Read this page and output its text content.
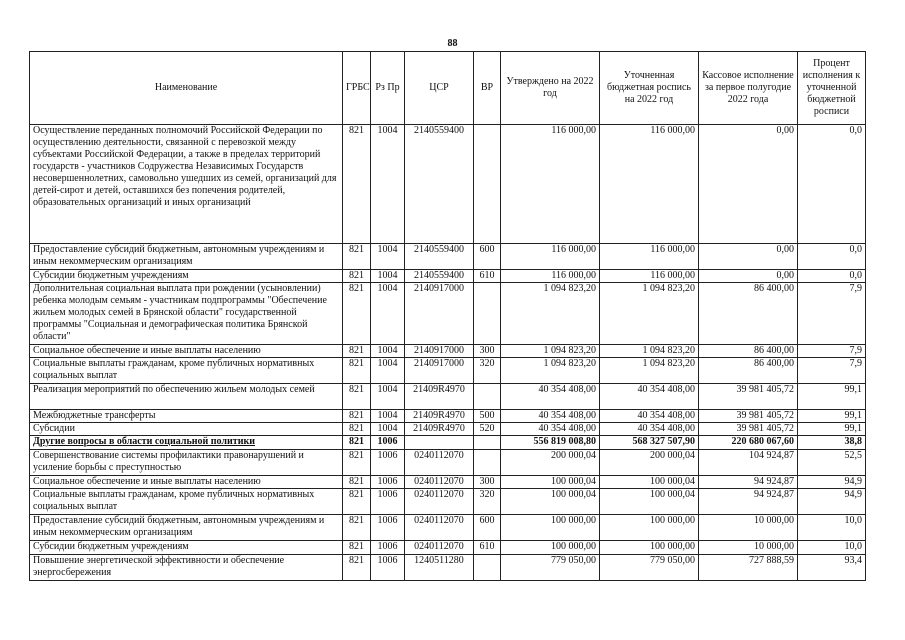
88
Наименование	ГРБС	Рз Пр	ЦСР	ВР	Утверждено на 2022 год	Уточненная бюджетная роспись на 2022 год	Кассовое исполнение за первое полугодие 2022 года	Процент исполнения к уточненной бюджетной росписи
Осуществление переданных полномочий Российской Федерации по осуществлению деятельности, связанной с перевозкой между субъектами Российской Федерации, а также в пределах территорий государств - участников Содружества Независимых Государств несовершеннолетних, самовольно ушедших из семей, организаций для детей-сирот и детей, оставшихся без попечения родителей, образовательных организаций и иных организаций	821	1004	2140559400		116 000,00	116 000,00	0,00	0,0
Предоставление субсидий бюджетным, автономным учреждениям и иным некоммерческим организациям	821	1004	2140559400	600	116 000,00	116 000,00	0,00	0,0
Субсидии бюджетным учреждениям	821	1004	2140559400	610	116 000,00	116 000,00	0,00	0,0
Дополнительная социальная выплата при рождении (усыновлении) ребенка молодым семьям - участникам подпрограммы "Обеспечение жильем молодых семей в Брянской области" государственной программы "Социальная и демографическая политика Брянской области"	821	1004	2140917000		1 094 823,20	1 094 823,20	86 400,00	7,9
Социальное обеспечение и иные выплаты населению	821	1004	2140917000	300	1 094 823,20	1 094 823,20	86 400,00	7,9
Социальные выплаты гражданам, кроме публичных нормативных социальных выплат	821	1004	2140917000	320	1 094 823,20	1 094 823,20	86 400,00	7,9
Реализация мероприятий по обеспечению жильем молодых семей	821	1004	21409R4970		40 354 408,00	40 354 408,00	39 981 405,72	99,1
Межбюджетные трансферты	821	1004	21409R4970	500	40 354 408,00	40 354 408,00	39 981 405,72	99,1
Субсидии	821	1004	21409R4970	520	40 354 408,00	40 354 408,00	39 981 405,72	99,1
Другие вопросы в области социальной политики	821	1006			556 819 008,80	568 327 507,90	220 680 067,60	38,8
Совершенствование системы профилактики правонарушений и усиление борьбы с преступностью	821	1006	0240112070		200 000,04	200 000,04	104 924,87	52,5
Социальное обеспечение и иные выплаты населению	821	1006	0240112070	300	100 000,04	100 000,04	94 924,87	94,9
Социальные выплаты гражданам, кроме публичных нормативных социальных выплат	821	1006	0240112070	320	100 000,04	100 000,04	94 924,87	94,9
Предоставление субсидий бюджетным, автономным учреждениям и иным некоммерческим организациям	821	1006	0240112070	600	100 000,00	100 000,00	10 000,00	10,0
Субсидии бюджетным учреждениям	821	1006	0240112070	610	100 000,00	100 000,00	10 000,00	10,0
Повышение энергетической эффективности и обеспечение энергосбережения	821	1006	1240511280		779 050,00	779 050,00	727 888,59	93,4
